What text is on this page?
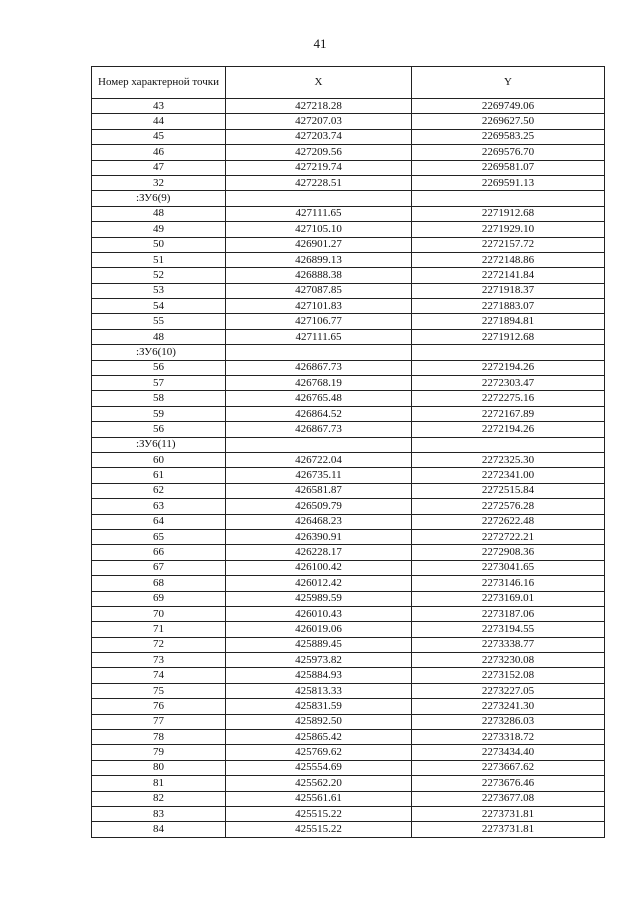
41
Номер характерной точки	X	Y
43	427218.28	2269749.06
44	427207.03	2269627.50
45	427203.74	2269583.25
46	427209.56	2269576.70
47	427219.74	2269581.07
32	427228.51	2269591.13
:ЗУ6(9)		
48	427111.65	2271912.68
49	427105.10	2271929.10
50	426901.27	2272157.72
51	426899.13	2272148.86
52	426888.38	2272141.84
53	427087.85	2271918.37
54	427101.83	2271883.07
55	427106.77	2271894.81
48	427111.65	2271912.68
:ЗУ6(10)		
56	426867.73	2272194.26
57	426768.19	2272303.47
58	426765.48	2272275.16
59	426864.52	2272167.89
56	426867.73	2272194.26
:ЗУ6(11)		
60	426722.04	2272325.30
61	426735.11	2272341.00
62	426581.87	2272515.84
63	426509.79	2272576.28
64	426468.23	2272622.48
65	426390.91	2272722.21
66	426228.17	2272908.36
67	426100.42	2273041.65
68	426012.42	2273146.16
69	425989.59	2273169.01
70	426010.43	2273187.06
71	426019.06	2273194.55
72	425889.45	2273338.77
73	425973.82	2273230.08
74	425884.93	2273152.08
75	425813.33	2273227.05
76	425831.59	2273241.30
77	425892.50	2273286.03
78	425865.42	2273318.72
79	425769.62	2273434.40
80	425554.69	2273667.62
81	425562.20	2273676.46
82	425561.61	2273677.08
83	425515.22	2273731.81
84	425515.22	2273731.81
